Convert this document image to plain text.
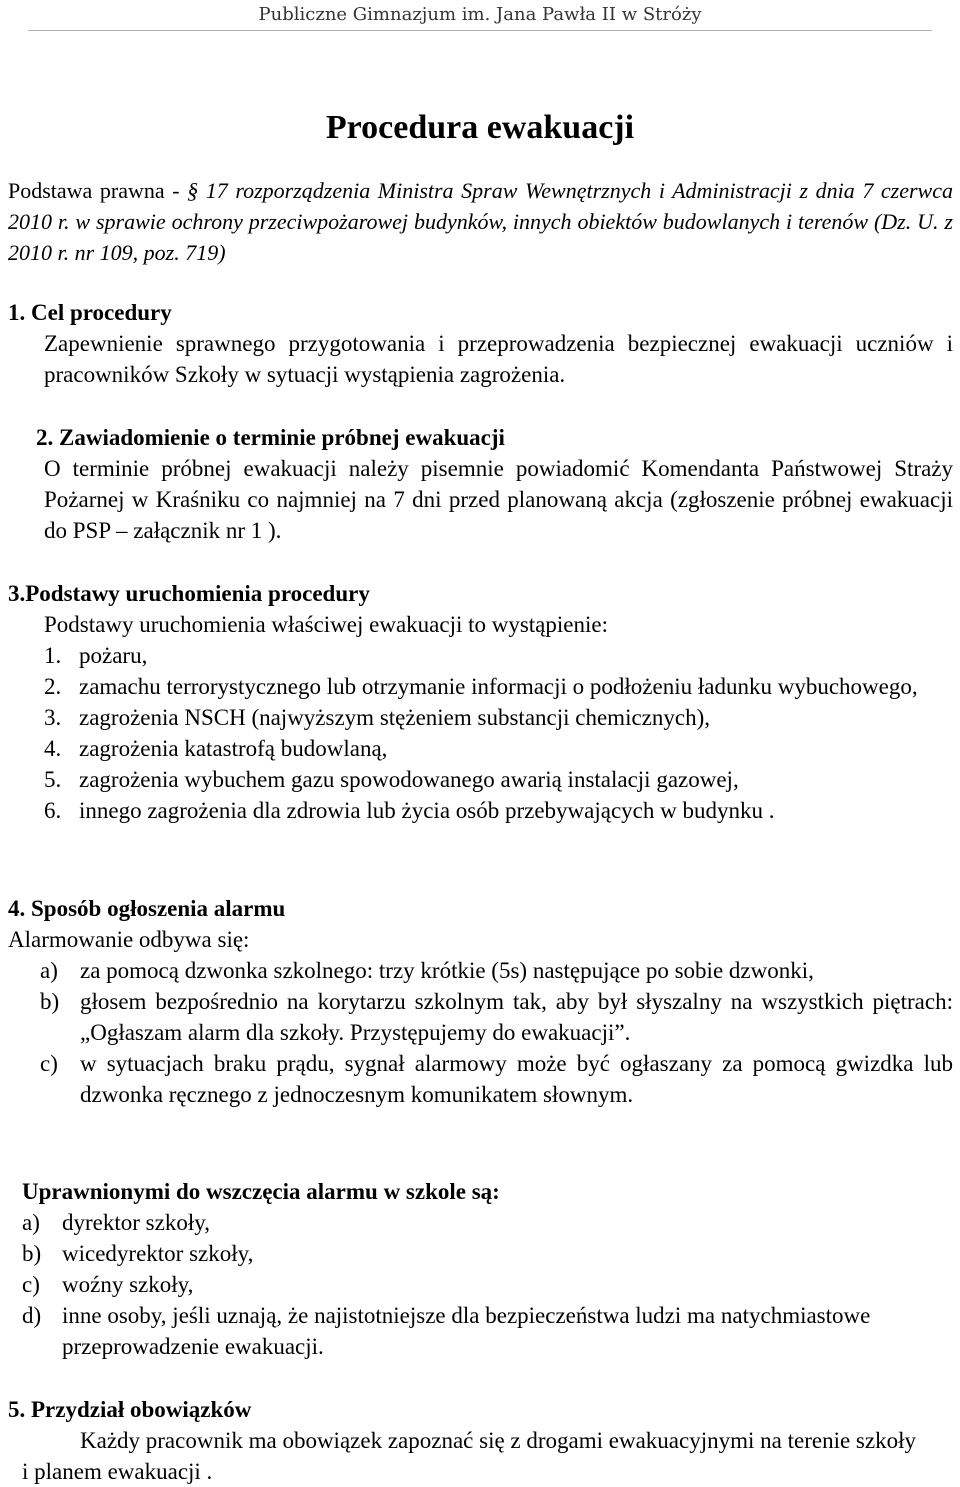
Publiczne Gimnazjum im. Jana Pawła II w Stróży
Procedura ewakuacji
Podstawa prawna - § 17 rozporządzenia Ministra Spraw Wewnętrznych i Administracji z dnia 7 czerwca 2010 r. w sprawie ochrony przeciwpożarowej budynków, innych obiektów budowlanych i terenów (Dz. U. z 2010 r. nr 109, poz. 719)
1. Cel procedury
Zapewnienie sprawnego przygotowania i przeprowadzenia bezpiecznej ewakuacji uczniów i pracowników Szkoły w sytuacji wystąpienia zagrożenia.
2. Zawiadomienie o terminie próbnej ewakuacji
O terminie próbnej ewakuacji należy pisemnie powiadomić Komendanta Państwowej Straży Pożarnej w Kraśniku co najmniej na 7 dni przed planowaną akcja (zgłoszenie próbnej ewakuacji do PSP – załącznik nr 1 ).
3.Podstawy uruchomienia procedury
Podstawy uruchomienia właściwej ewakuacji to wystąpienie:
1. pożaru,
2. zamachu terrorystycznego lub otrzymanie informacji o podłożeniu ładunku wybuchowego,
3. zagrożenia NSCH (najwyższym stężeniem substancji chemicznych),
4. zagrożenia katastrofą budowlaną,
5. zagrożenia wybuchem gazu spowodowanego awarią instalacji gazowej,
6. innego zagrożenia dla zdrowia lub życia osób przebywających w budynku .
4. Sposób ogłoszenia alarmu
Alarmowanie odbywa się:
a) za pomocą dzwonka szkolnego: trzy krótkie (5s) następujące po sobie dzwonki,
b) głosem bezpośrednio na korytarzu szkolnym tak, aby był słyszalny na wszystkich piętrach: „Ogłaszam alarm dla szkoły. Przystępujemy do ewakuacji”.
c) w sytuacjach braku prądu, sygnał alarmowy może być ogłaszany za pomocą gwizdka lub dzwonka ręcznego z jednoczesnym komunikatem słownym.
Uprawnionymi do wszczęcia alarmu w szkole są:
a) dyrektor szkoły,
b) wicedyrektor szkoły,
c) woźny szkoły,
d) inne osoby, jeśli uznają, że najistotniejsze dla bezpieczeństwa ludzi ma natychmiastowe przeprowadzenie ewakuacji.
5. Przydział obowiązków
Każdy pracownik ma obowiązek zapoznać się z drogami ewakuacyjnymi na terenie szkoły i planem ewakuacji .
